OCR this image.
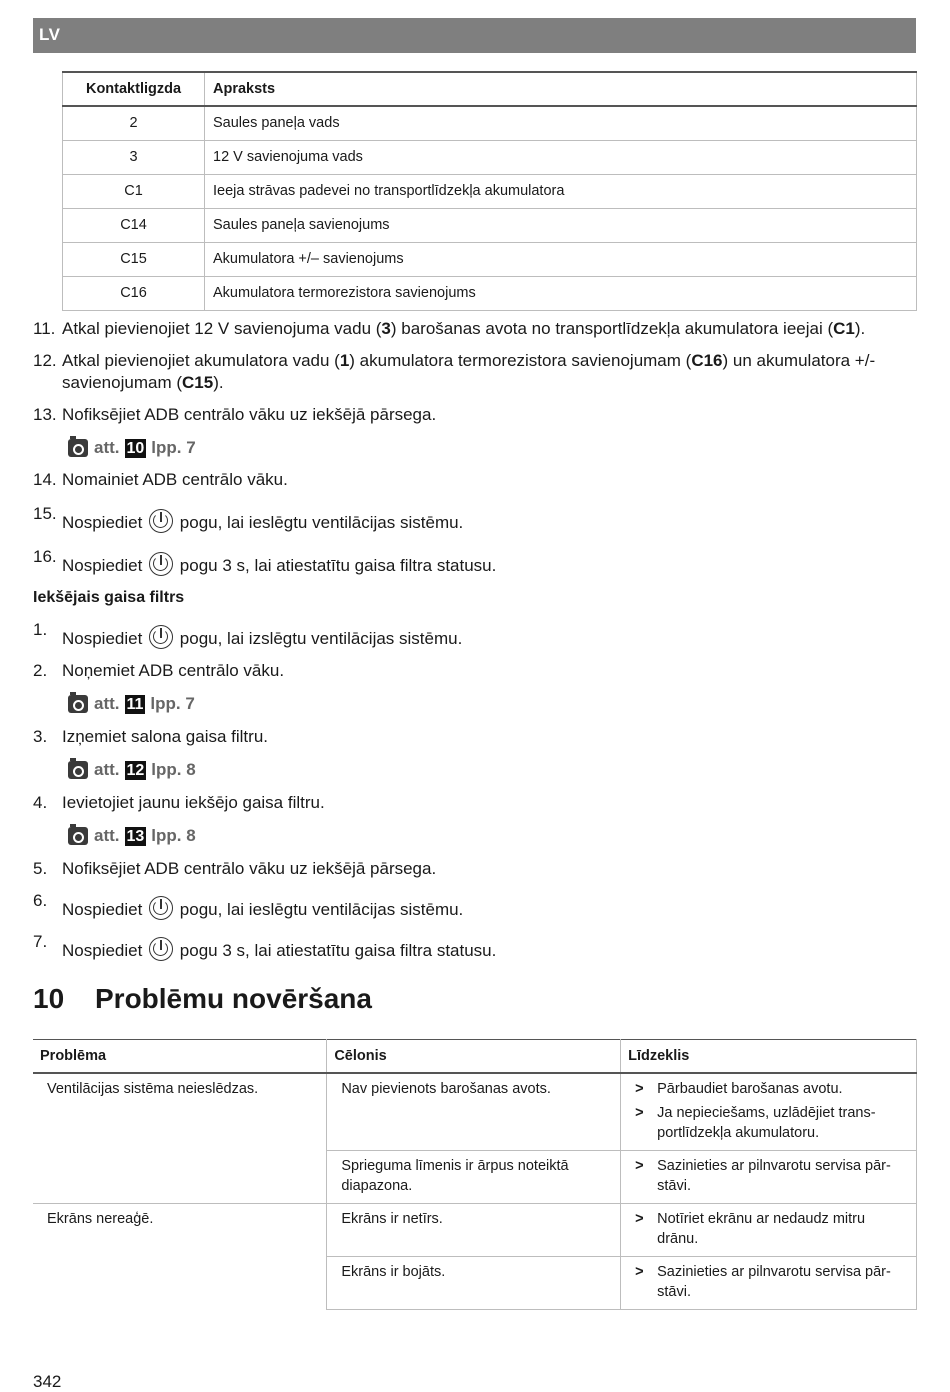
LV
Kontaktligzda	Apraksts
2	Saules paneļa vads
3	12 V savienojuma vads
C1	Ieeja strāvas padevei no transportlīdzekļa akumulatora
C14	Saules paneļa savienojums
C15	Akumulatora +/– savienojums
C16	Akumulatora termorezistora savienojums
11. Atkal pievienojiet 12 V savienojuma vadu (3) barošanas avota no transportlīdzekļa akumulatora ieejai (C1).
12. Atkal pievienojiet akumulatora vadu (1) akumulatora termorezistora savienojumam (C16) un akumulatora +/- savienojumam (C15).
13. Nofiksējiet ADB centrālo vāku uz iekšējā pārsega.
att. 10 lpp. 7
14. Nomainiet ADB centrālo vāku.
15. Nospiediet pogu, lai ieslēgtu ventilācijas sistēmu.
16. Nospiediet pogu 3 s, lai atiestatītu gaisa filtra statusu.
Iekšējais gaisa filtrs
1. Nospiediet pogu, lai izslēgtu ventilācijas sistēmu.
2. Noņemiet ADB centrālo vāku.
att. 11 lpp. 7
3. Izņemiet salona gaisa filtru.
att. 12 lpp. 8
4. Ievietojiet jaunu iekšējo gaisa filtru.
att. 13 lpp. 8
5. Nofiksējiet ADB centrālo vāku uz iekšējā pārsega.
6. Nospiediet pogu, lai ieslēgtu ventilācijas sistēmu.
7. Nospiediet pogu 3 s, lai atiestatītu gaisa filtra statusu.
10 Problēmu novēršana
Problēma	Cēlonis	Līdzeklis
Ventilācijas sistēma neieslēdzas.	Nav pievienots barošanas avots.	> Pārbaudiet barošanas avotu.
> Ja nepieciešams, uzlādējiet transportlīdzekļa akumulatoru.

	Sprieguma līmenis ir ārpus noteiktā diapazona.	> Sazinieties ar pilnvarotu servisa pārstāvi.

Ekrāns nereaģē.	Ekrāns ir netīrs.	> Notīriet ekrānu ar nedaudz mitru drānu.

	Ekrāns ir bojāts.	> Sazinieties ar pilnvarotu servisa pārstāvi.
342
